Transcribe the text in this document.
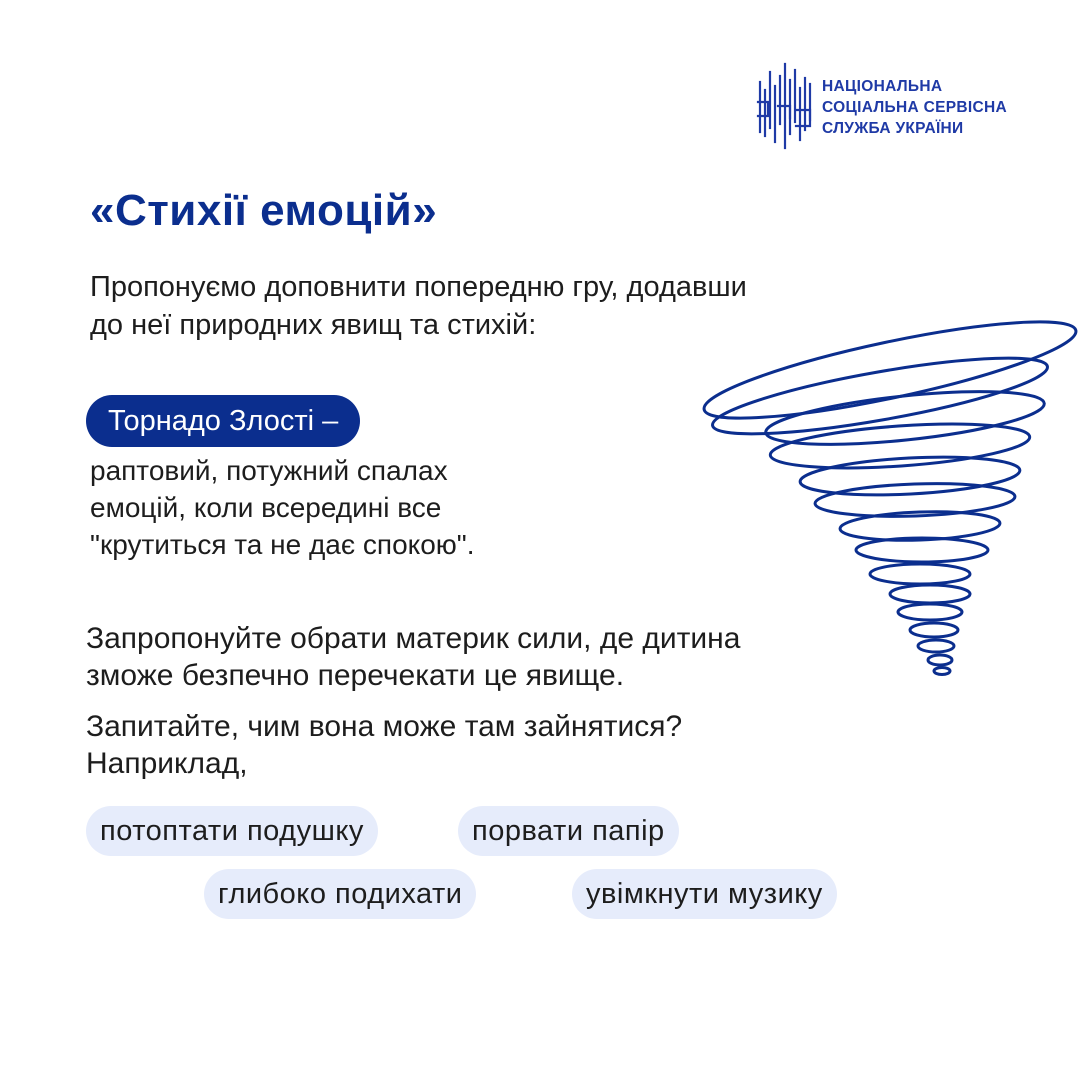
НАЦІОНАЛЬНА
СОЦІАЛЬНА СЕРВІСНА
СЛУЖБА УКРАЇНИ
«Стихії емоцій»
Пропонуємо доповнити попередню гру, додавши
до неї природних явищ та стихій:
Торнадо Злості –
раптовий, потужний спалах
емоцій, коли всередині все
"крутиться та не дає спокою".
Запропонуйте обрати материк сили, де дитина
зможе безпечно перечекати це явище.
Запитайте, чим вона може там зайнятися?
Наприклад,
потоптати подушку	порвати папір
глибоко подихати	увімкнути музику
